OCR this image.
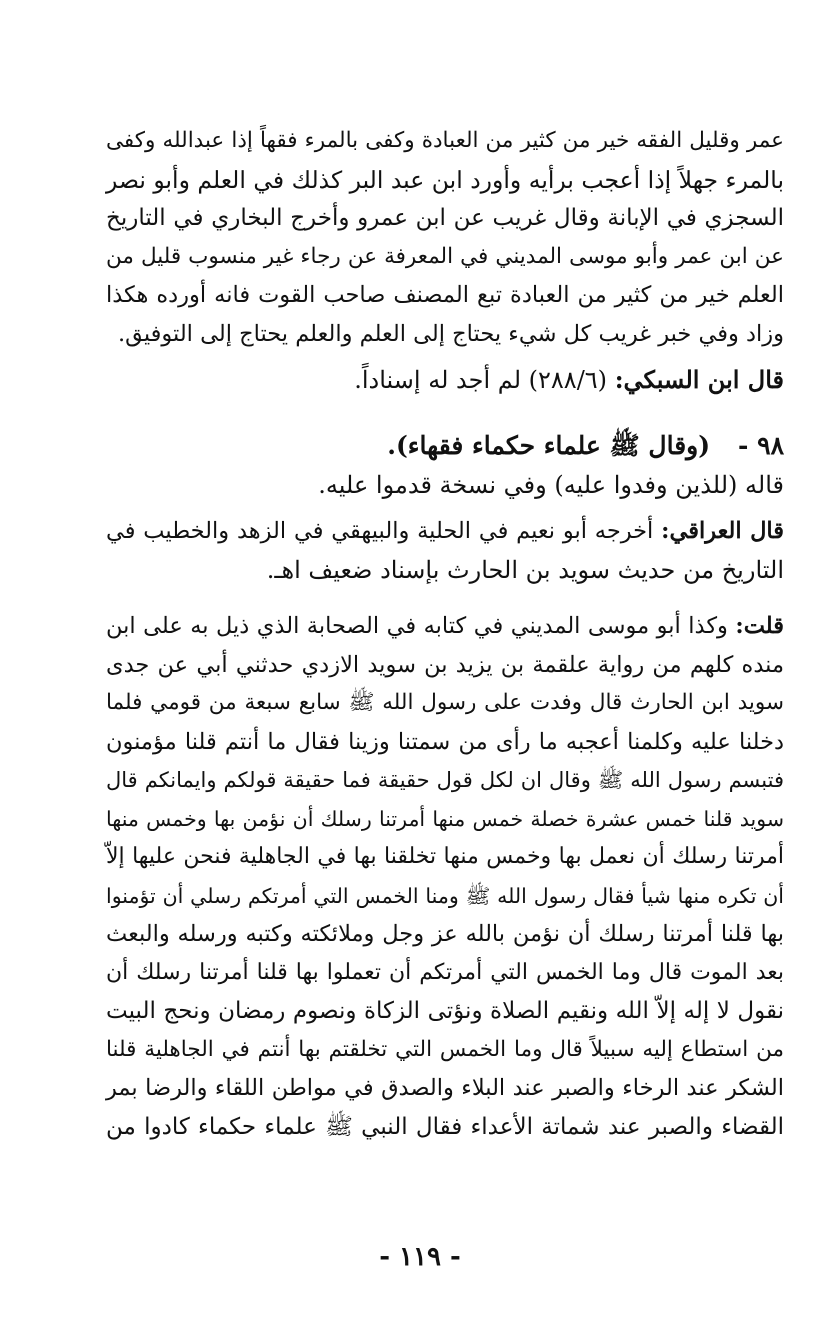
عمر وقليل الفقه خير من كثير من العبادة وكفى بالمرء فقهاً إذا عبدالله وكفى
بالمرء جهلاً إذا أعجب برأيه وأورد ابن عبد البر كذلك في العلم وأبو نصر
السجزي في الإبانة وقال غريب عن ابن عمرو وأخرج البخاري في التاريخ
عن ابن عمر وأبو موسى المديني في المعرفة عن رجاء غير منسوب قليل من
العلم خير من كثير من العبادة تبع المصنف صاحب القوت فانه أورده هكذا
وزاد وفي خبر غريب كل شيء يحتاج إلى العلم والعلم يحتاج إلى التوفيق.
قال ابن السبكي: (٢٨٨/٦) لم أجد له إسناداً.
٩٨ -(وقال ﷺ علماء حكماء فقهاء).
قاله (للذين وفدوا عليه) وفي نسخة قدموا عليه.
قال العراقي: أخرجه أبو نعيم في الحلية والبيهقي في الزهد والخطيب في
التاريخ من حديث سويد بن الحارث بإسناد ضعيف اهـ.
قلت: وكذا أبو موسى المديني في كتابه في الصحابة الذي ذيل به على ابن
منده كلهم من رواية علقمة بن يزيد بن سويد الازدي حدثني أبي عن جدى
سويد ابن الحارث قال وفدت على رسول الله ﷺ سابع سبعة من قومي فلما
دخلنا عليه وكلمنا أعجبه ما رأى من سمتنا وزينا فقال ما أنتم قلنا مؤمنون
فتبسم رسول الله ﷺ وقال ان لكل قول حقيقة فما حقيقة قولكم وايمانكم قال
سويد قلنا خمس عشرة خصلة خمس منها أمرتنا رسلك أن نؤمن بها وخمس منها
أمرتنا رسلك أن نعمل بها وخمس منها تخلقنا بها في الجاهلية فنحن عليها إلاّ
أن تكره منها شيأ فقال رسول الله ﷺ ومنا الخمس التي أمرتكم رسلي أن تؤمنوا
بها قلنا أمرتنا رسلك أن نؤمن بالله عز وجل وملائكته وكتبه ورسله والبعث
بعد الموت قال وما الخمس التي أمرتكم أن تعملوا بها قلنا أمرتنا رسلك أن
نقول لا إله إلاّ الله ونقيم الصلاة ونؤتى الزكاة ونصوم رمضان ونحج البيت
من استطاع إليه سبيلاً قال وما الخمس التي تخلقتم بها أنتم في الجاهلية قلنا
الشكر عند الرخاء والصبر عند البلاء والصدق في مواطن اللقاء والرضا بمر
القضاء والصبر عند شماتة الأعداء فقال النبي ﷺ علماء حكماء كادوا من
- ١١٩ -
